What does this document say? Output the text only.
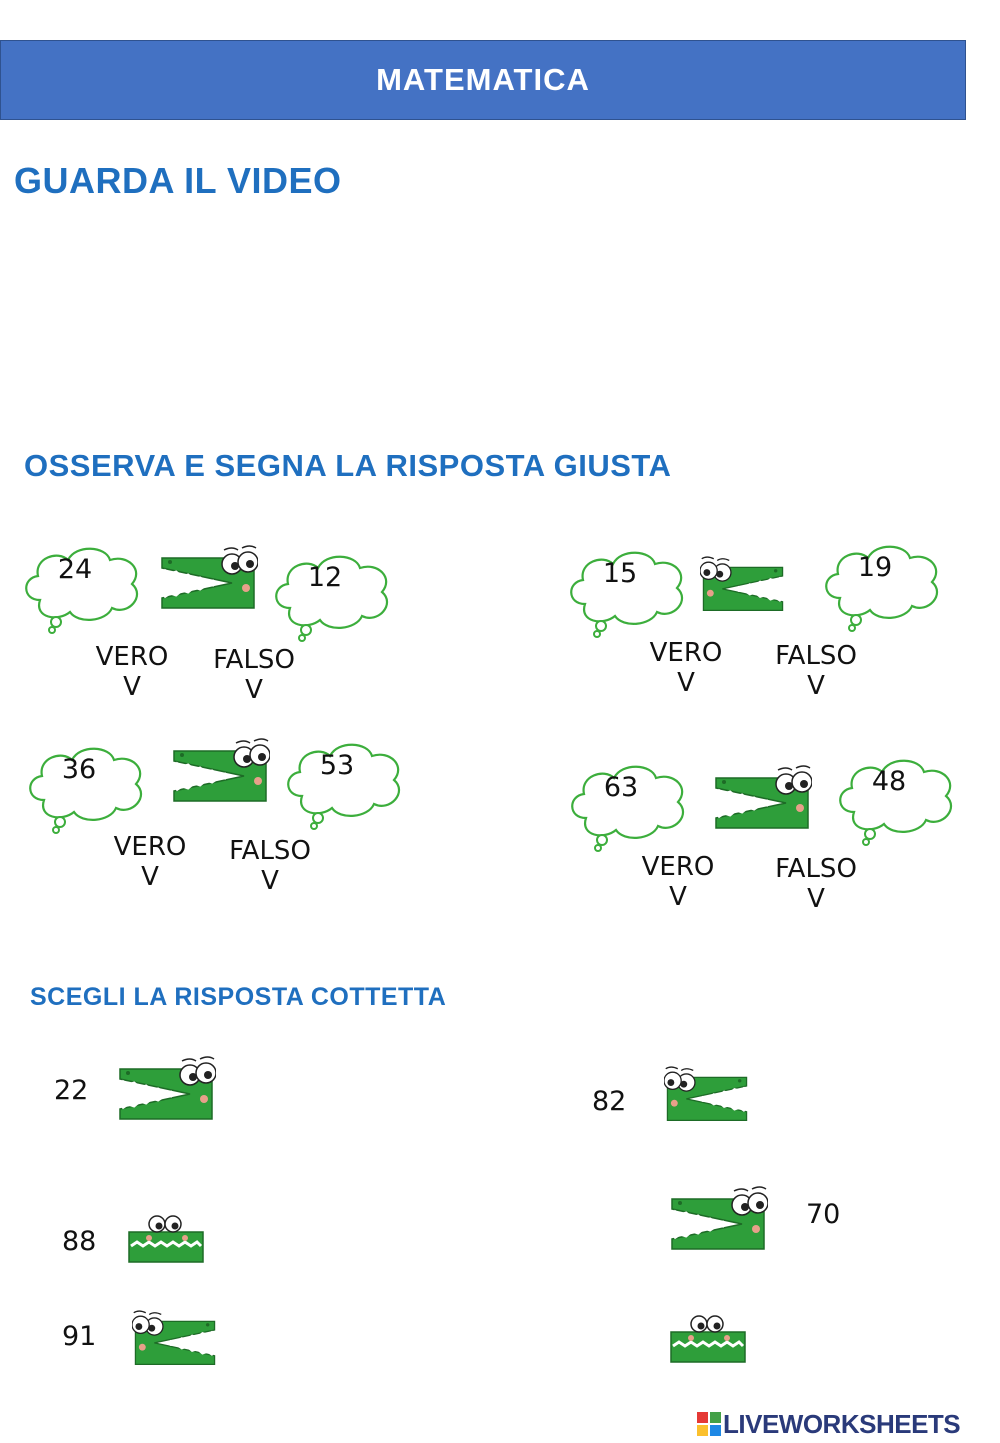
MATEMATICA
GUARDA IL VIDEO
OSSERVA E SEGNA LA RISPOSTA GIUSTA
24	12
VERO
V
FALSO
V
15	19
VERO
V
FALSO
V
36	53
VERO
V
FALSO
V
63	48
VERO
V
FALSO
V
SCEGLI LA RISPOSTA COTTETTA
22
88
91
82
70
LIVEWORKSHEETS
